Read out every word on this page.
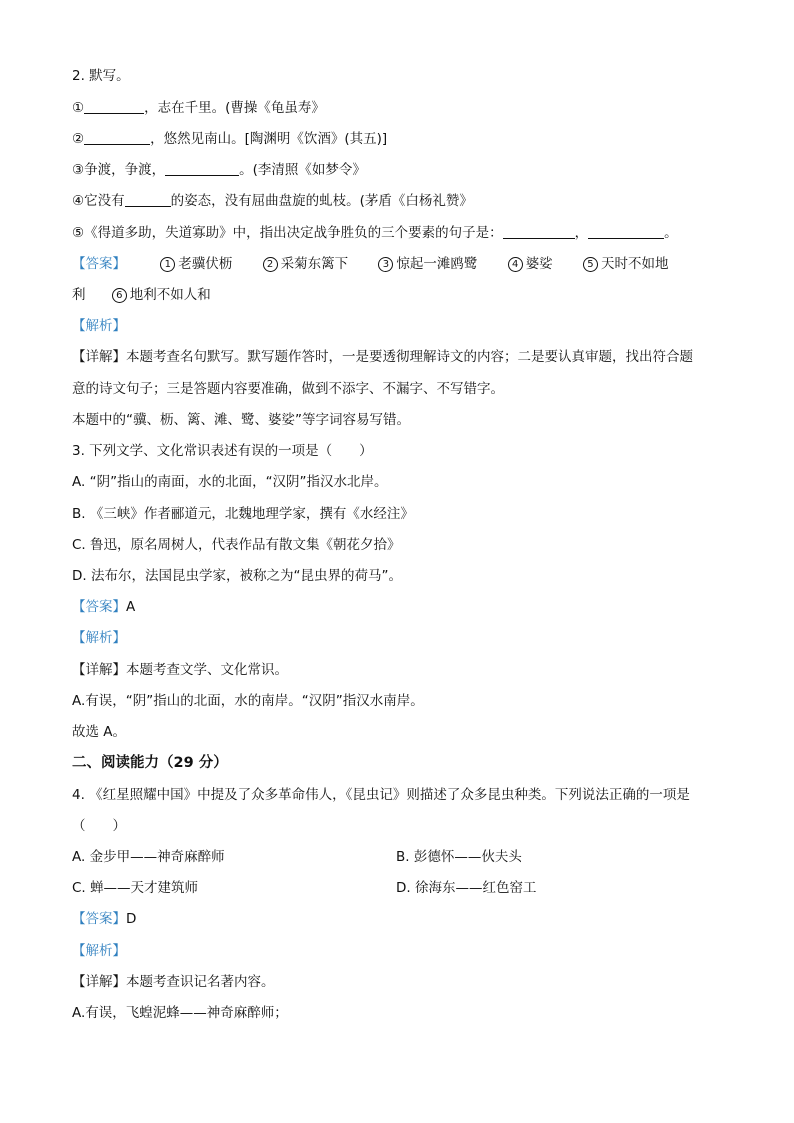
2. 默写。
①	，志在千里。(曹操《龟虽寿》
②	，悠然见南山。[陶渊明《饮酒》(其五)]
③争渡，争渡，	。(李清照《如梦令》
④它没有	的姿态，没有屈曲盘旋的虬枝。(茅盾《白杨礼赞》
⑤《得道多助，失道寡助》中，指出决定战争胜负的三个要素的句子是：	，	。
【答案】	1 老骥伏枥	2 采菊东篱下	3 惊起一滩鸥鹭	4 婆娑	5 天时不如地
利	6 地利不如人和
【解析】
【详解】本题考查名句默写。默写题作答时，一是要透彻理解诗文的内容；二是要认真审题，找出符合题
意的诗文句子；三是答题内容要准确，做到不添字、不漏字、不写错字。
本题中的“骥、枥、篱、滩、鹭、婆娑”等字词容易写错。
3. 下列文学、文化常识表述有误的一项是（　　）
A. “阴”指山的南面，水的北面，“汉阴”指汉水北岸。
B. 《三峡》作者郦道元，北魏地理学家，撰有《水经注》
C. 鲁迅，原名周树人，代表作品有散文集《朝花夕拾》
D. 法布尔，法国昆虫学家，被称之为“昆虫界的荷马”。
【答案】A
【解析】
【详解】本题考查文学、文化常识。
A.有误，“阴”指山的北面，水的南岸。“汉阴”指汉水南岸。
故选 A。
二、阅读能力（29 分）
4. 《红星照耀中国》中提及了众多革命伟人，《昆虫记》则描述了众多昆虫种类。下列说法正确的一项是
（　　）
A. 金步甲——神奇麻醉师	B. 彭德怀——伙夫头
C. 蝉——天才建筑师	D. 徐海东——红色窑工
【答案】D
【解析】
【详解】本题考查识记名著内容。
A.有误，飞蝗泥蜂——神奇麻醉师；
